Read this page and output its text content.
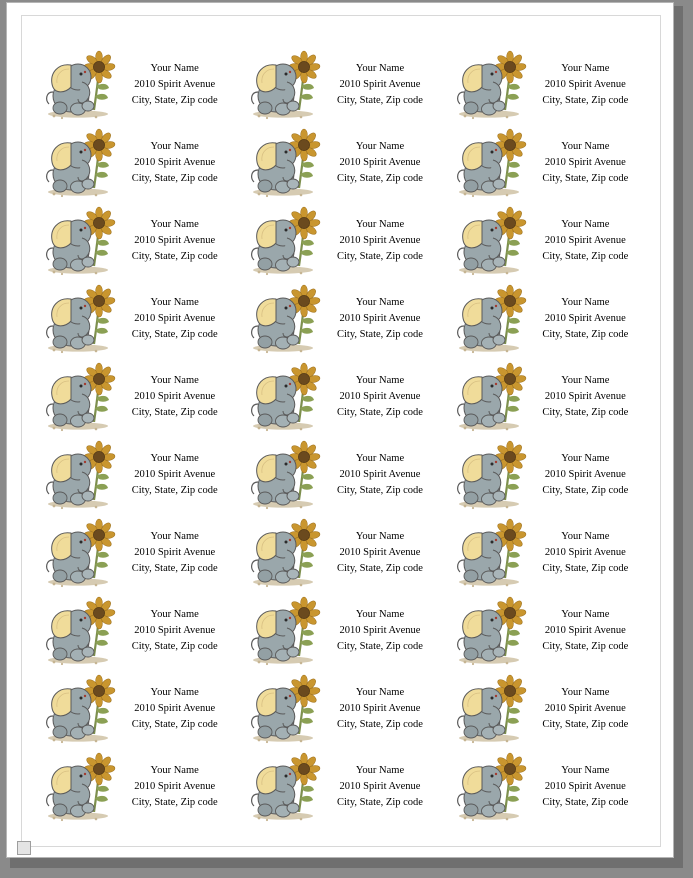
Your Name
2010 Spirit Avenue
City, State, Zip code
Your Name
2010 Spirit Avenue
City, State, Zip code
Your Name
2010 Spirit Avenue
City, State, Zip code
Your Name
2010 Spirit Avenue
City, State, Zip code
Your Name
2010 Spirit Avenue
City, State, Zip code
Your Name
2010 Spirit Avenue
City, State, Zip code
Your Name
2010 Spirit Avenue
City, State, Zip code
Your Name
2010 Spirit Avenue
City, State, Zip code
Your Name
2010 Spirit Avenue
City, State, Zip code
Your Name
2010 Spirit Avenue
City, State, Zip code
Your Name
2010 Spirit Avenue
City, State, Zip code
Your Name
2010 Spirit Avenue
City, State, Zip code
Your Name
2010 Spirit Avenue
City, State, Zip code
Your Name
2010 Spirit Avenue
City, State, Zip code
Your Name
2010 Spirit Avenue
City, State, Zip code
Your Name
2010 Spirit Avenue
City, State, Zip code
Your Name
2010 Spirit Avenue
City, State, Zip code
Your Name
2010 Spirit Avenue
City, State, Zip code
Your Name
2010 Spirit Avenue
City, State, Zip code
Your Name
2010 Spirit Avenue
City, State, Zip code
Your Name
2010 Spirit Avenue
City, State, Zip code
Your Name
2010 Spirit Avenue
City, State, Zip code
Your Name
2010 Spirit Avenue
City, State, Zip code
Your Name
2010 Spirit Avenue
City, State, Zip code
Your Name
2010 Spirit Avenue
City, State, Zip code
Your Name
2010 Spirit Avenue
City, State, Zip code
Your Name
2010 Spirit Avenue
City, State, Zip code
Your Name
2010 Spirit Avenue
City, State, Zip code
Your Name
2010 Spirit Avenue
City, State, Zip code
Your Name
2010 Spirit Avenue
City, State, Zip code
